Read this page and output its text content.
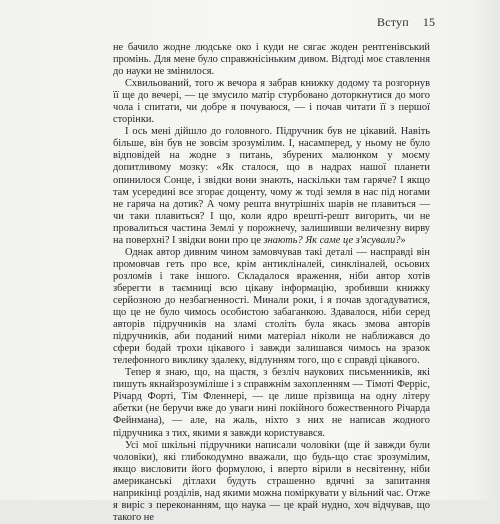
Вступ 15

не бачило жодне людське око і куди не сягає жоден рентгенівський промінь. Для мене було справжнісіньким дивом. Відтоді моє ставлення до науки не змінилося.

Схвильований, того ж вечора я забрав книжку додому та розгорнув її ще до вечері, — це змусило матір стурбовано доторкнутися до мого чола і спитати, чи добре я почуваюся, — і почав читати її з першої сторінки.

І ось мені дійшло до головного. Підручник був не цікавий. Навіть більше, він був не зовсім зрозумілим. І, насамперед, у ньому не було відповідей на жодне з питань, збурених малюнком у моєму допитливому мозку: «Як сталося, що в надрах нашої планети опинилося Сонце, і звідки вони знають, наскільки там гаряче? І якщо там усередині все згорає дощенту, чому ж тоді земля в нас під ногами не гаряча на дотик? А чому решта внутрішніх шарів не плавиться — чи таки плавиться? І що, коли ядро врешті-решт вигорить, чи не провалиться частина Землі у порожнечу, залишивши величезну вирву на поверхні? І звідки вони про це знають? Як саме це з'ясували?»

Однак автор дивним чином замовчував такі деталі — насправді він промовчав геть про все, крім антикліналей, синкліналей, осьових розломів і таке іншого. Складалося враження, ніби автор хотів зберегти в таємниці всю цікаву інформацію, зробивши книжку серйозною до незбагненності. Минали роки, і я почав здогадуватися, що це не було чимось особистою забаганкою. Здавалося, ніби серед авторів підручників на зламі століть була якась змова авторів підручників, аби поданий ними матеріал ніколи не наближався до сфери бодай трохи цікавого і завжди залишався чимось на зразок телефонного виклику здалеку, відлунням того, що є справді цікавого.

Тепер я знаю, що, на щастя, з безліч наукових письменників, які пишуть якнайзрозуміліше і з справжнім захопленням — Тімоті Ферріс, Річард Форті, Тім Фленнері, — це лише прізвища на одну літеру абетки (не беручи вже до уваги нині покійного божественного Річарда Фейнмана), — але, на жаль, ніхто з них не написав жодного підручника з тих, якими я завжди користувався.

Усі мої шкільні підручники написали чоловіки (ще й завжди були чоловіки), які глибокодумно вважали, що будь-що стає зрозумілим, якщо висловити його формулою, і вперто вірили в несвітенну, ніби американські дітлахи будуть страшенно вдячні за запитання наприкінці розділів, над якими можна поміркувати у вільний час. Отже я виріс з переконанням, що наука — це край нудно, хоч відчував, що такого не
